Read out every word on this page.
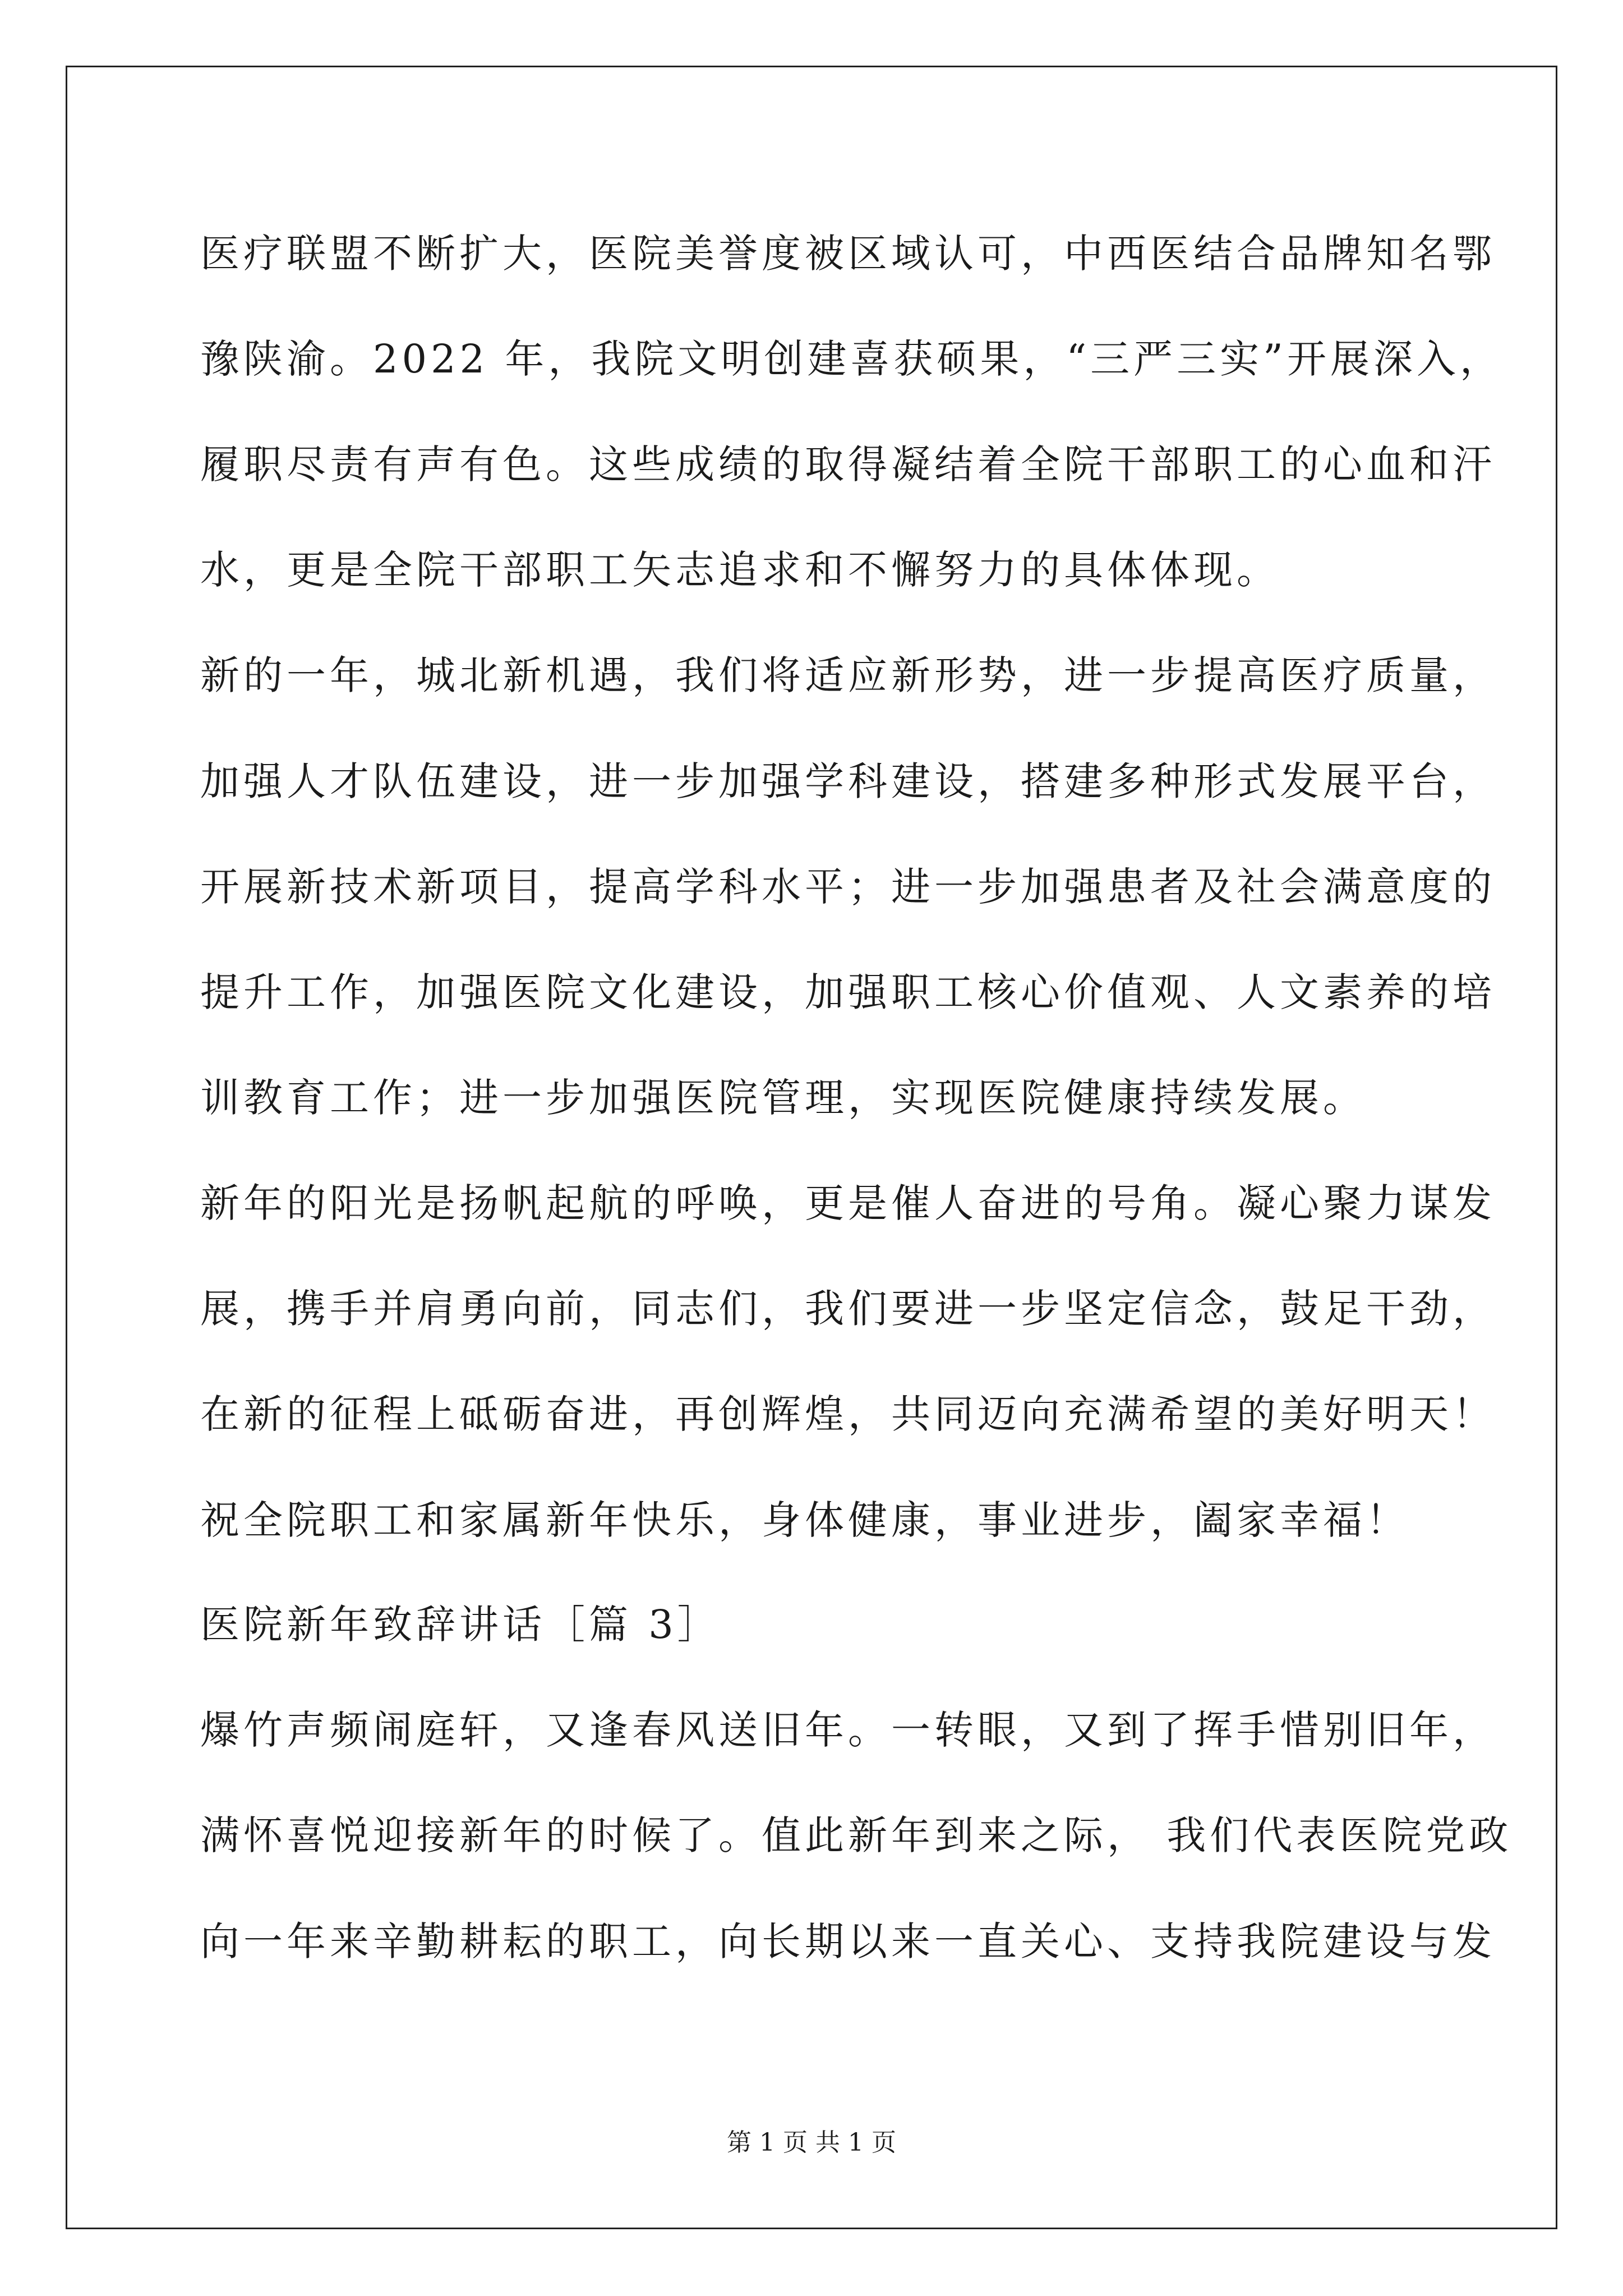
医疗联盟不断扩大，医院美誉度被区域认可，中西医结合品牌知名鄂
豫陕渝。2022 年，我院文明创建喜获硕果，“三严三实”开展深入，
履职尽责有声有色。这些成绩的取得凝结着全院干部职工的心血和汗
水，更是全院干部职工矢志追求和不懈努力的具体体现。
新的一年，城北新机遇，我们将适应新形势，进一步提高医疗质量，
加强人才队伍建设，进一步加强学科建设，搭建多种形式发展平台，
开展新技术新项目，提高学科水平；进一步加强患者及社会满意度的
提升工作，加强医院文化建设，加强职工核心价值观、人文素养的培
训教育工作；进一步加强医院管理，实现医院健康持续发展。
新年的阳光是扬帆起航的呼唤，更是催人奋进的号角。凝心聚力谋发
展，携手并肩勇向前，同志们，我们要进一步坚定信念，鼓足干劲，
在新的征程上砥砺奋进，再创辉煌，共同迈向充满希望的美好明天！
祝全院职工和家属新年快乐，身体健康，事业进步，阖家幸福！
医院新年致辞讲话［篇 3］
爆竹声频闹庭轩，又逢春风送旧年。一转眼，又到了挥手惜别旧年，
满怀喜悦迎接新年的时候了。值此新年到来之际， 我们代表医院党政
向一年来辛勤耕耘的职工，向长期以来一直关心、支持我院建设与发
第 1 页 共 1 页
